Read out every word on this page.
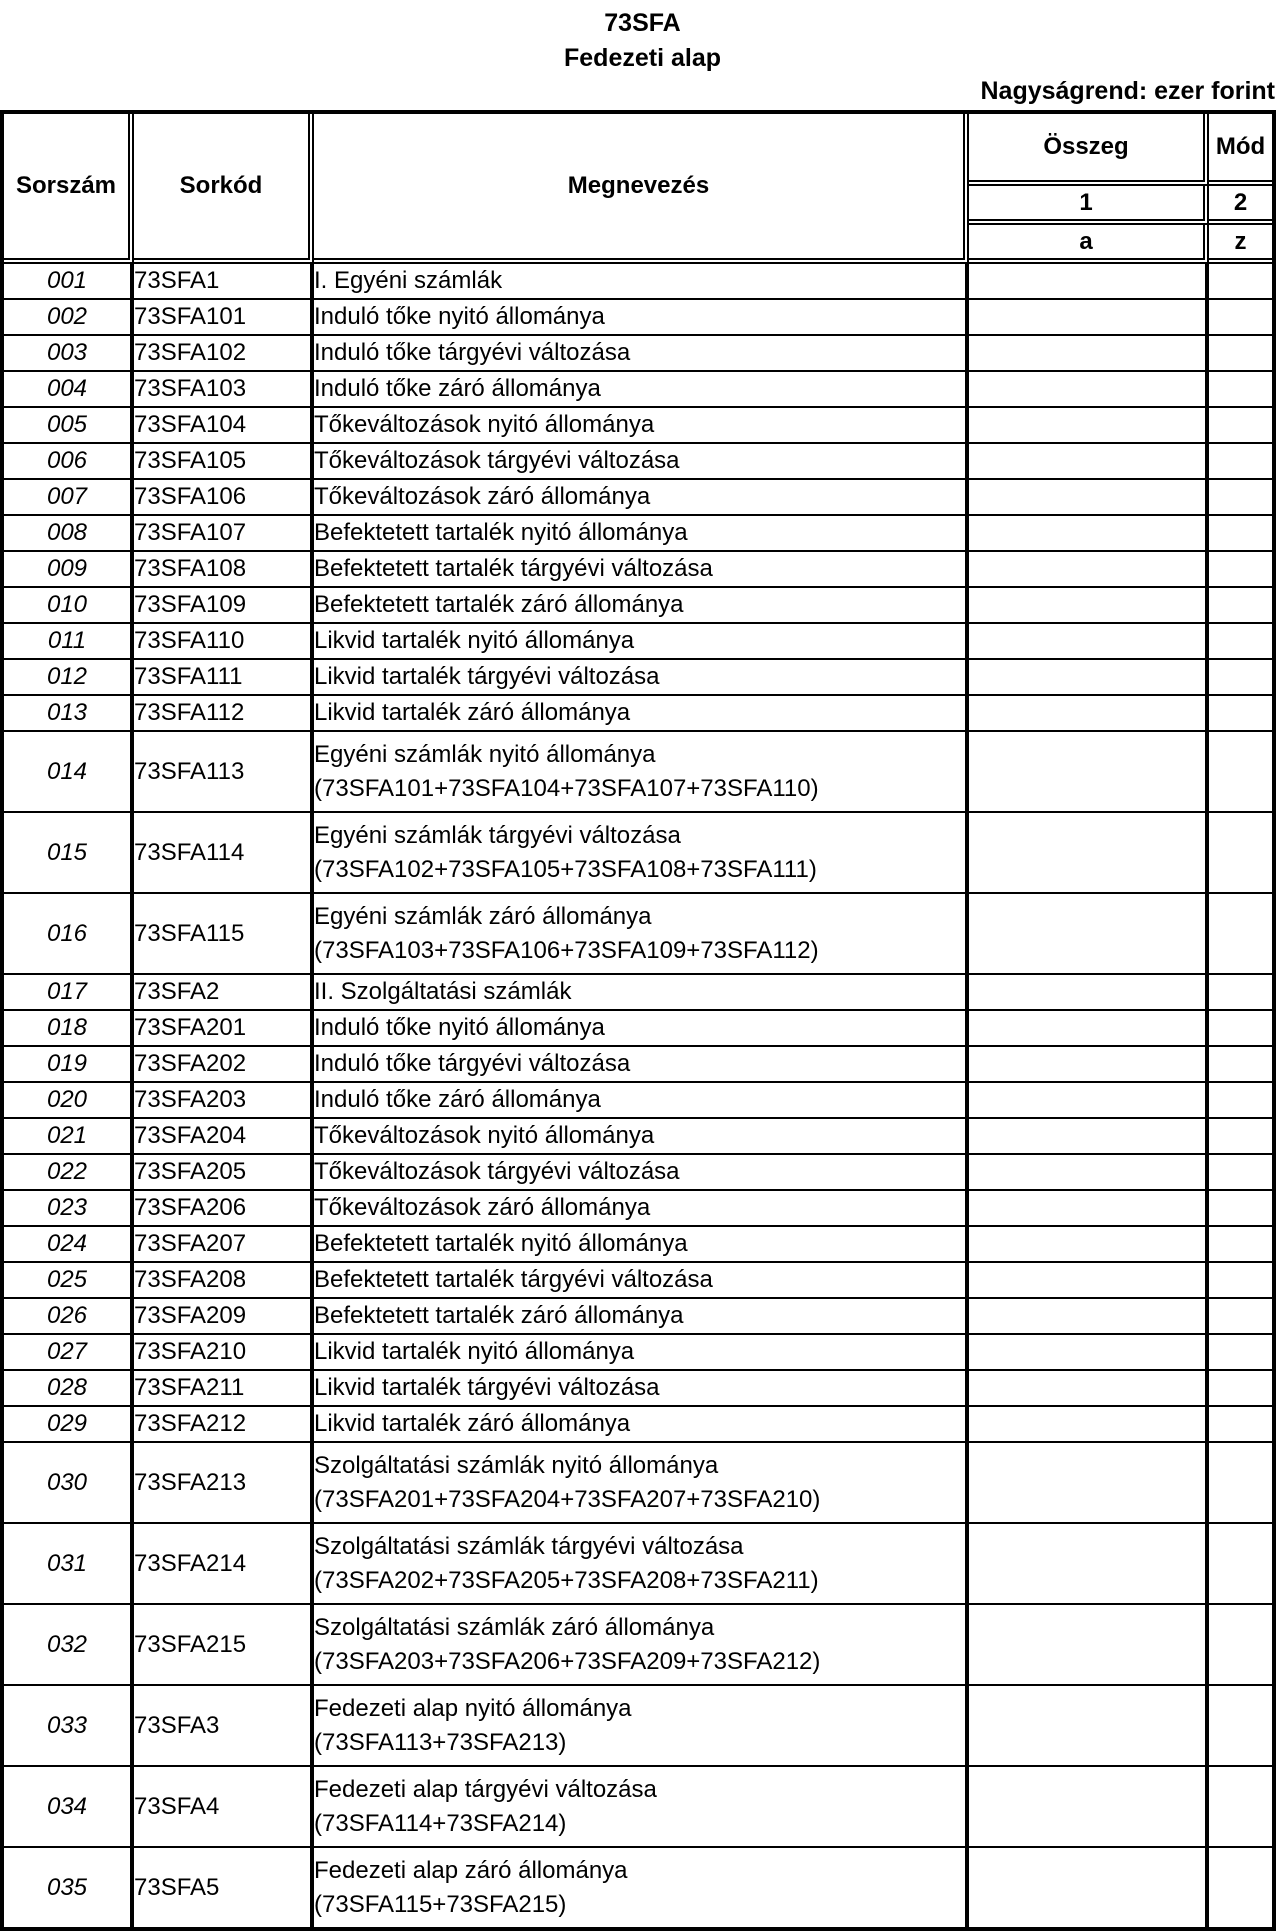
73SFA
Fedezeti alap
Nagyságrend: ezer forint
Sorszám	Sorkód	Megnevezés	Összeg	Mód
			1	2
			a	z
001	73SFA1	I. Egyéni számlák		

002	73SFA101	Induló tőke nyitó állománya		

003	73SFA102	Induló tőke tárgyévi változása		

004	73SFA103	Induló tőke záró állománya		

005	73SFA104	Tőkeváltozások nyitó állománya		

006	73SFA105	Tőkeváltozások tárgyévi változása		

007	73SFA106	Tőkeváltozások záró állománya		

008	73SFA107	Befektetett tartalék nyitó állománya		

009	73SFA108	Befektetett tartalék tárgyévi változása		

010	73SFA109	Befektetett tartalék záró állománya		

011	73SFA110	Likvid tartalék nyitó állománya		

012	73SFA111	Likvid tartalék tárgyévi változása		

013	73SFA112	Likvid tartalék záró állománya		

014	73SFA113	Egyéni számlák nyitó állománya
(73SFA101+73SFA104+73SFA107+73SFA110)		

015	73SFA114	Egyéni számlák tárgyévi változása
(73SFA102+73SFA105+73SFA108+73SFA111)		

016	73SFA115	Egyéni számlák záró állománya
(73SFA103+73SFA106+73SFA109+73SFA112)		

017	73SFA2	II. Szolgáltatási számlák		

018	73SFA201	Induló tőke nyitó állománya		

019	73SFA202	Induló tőke tárgyévi változása		

020	73SFA203	Induló tőke záró állománya		

021	73SFA204	Tőkeváltozások nyitó állománya		

022	73SFA205	Tőkeváltozások tárgyévi változása		

023	73SFA206	Tőkeváltozások záró állománya		

024	73SFA207	Befektetett tartalék nyitó állománya		

025	73SFA208	Befektetett tartalék tárgyévi változása		

026	73SFA209	Befektetett tartalék záró állománya		

027	73SFA210	Likvid tartalék nyitó állománya		

028	73SFA211	Likvid tartalék tárgyévi változása		

029	73SFA212	Likvid tartalék záró állománya		

030	73SFA213	Szolgáltatási számlák nyitó állománya
(73SFA201+73SFA204+73SFA207+73SFA210)		

031	73SFA214	Szolgáltatási számlák tárgyévi változása
(73SFA202+73SFA205+73SFA208+73SFA211)		

032	73SFA215	Szolgáltatási számlák záró állománya
(73SFA203+73SFA206+73SFA209+73SFA212)		

033	73SFA3	Fedezeti alap nyitó állománya
(73SFA113+73SFA213)		

034	73SFA4	Fedezeti alap tárgyévi változása
(73SFA114+73SFA214)		

035	73SFA5	Fedezeti alap záró állománya
(73SFA115+73SFA215)		
